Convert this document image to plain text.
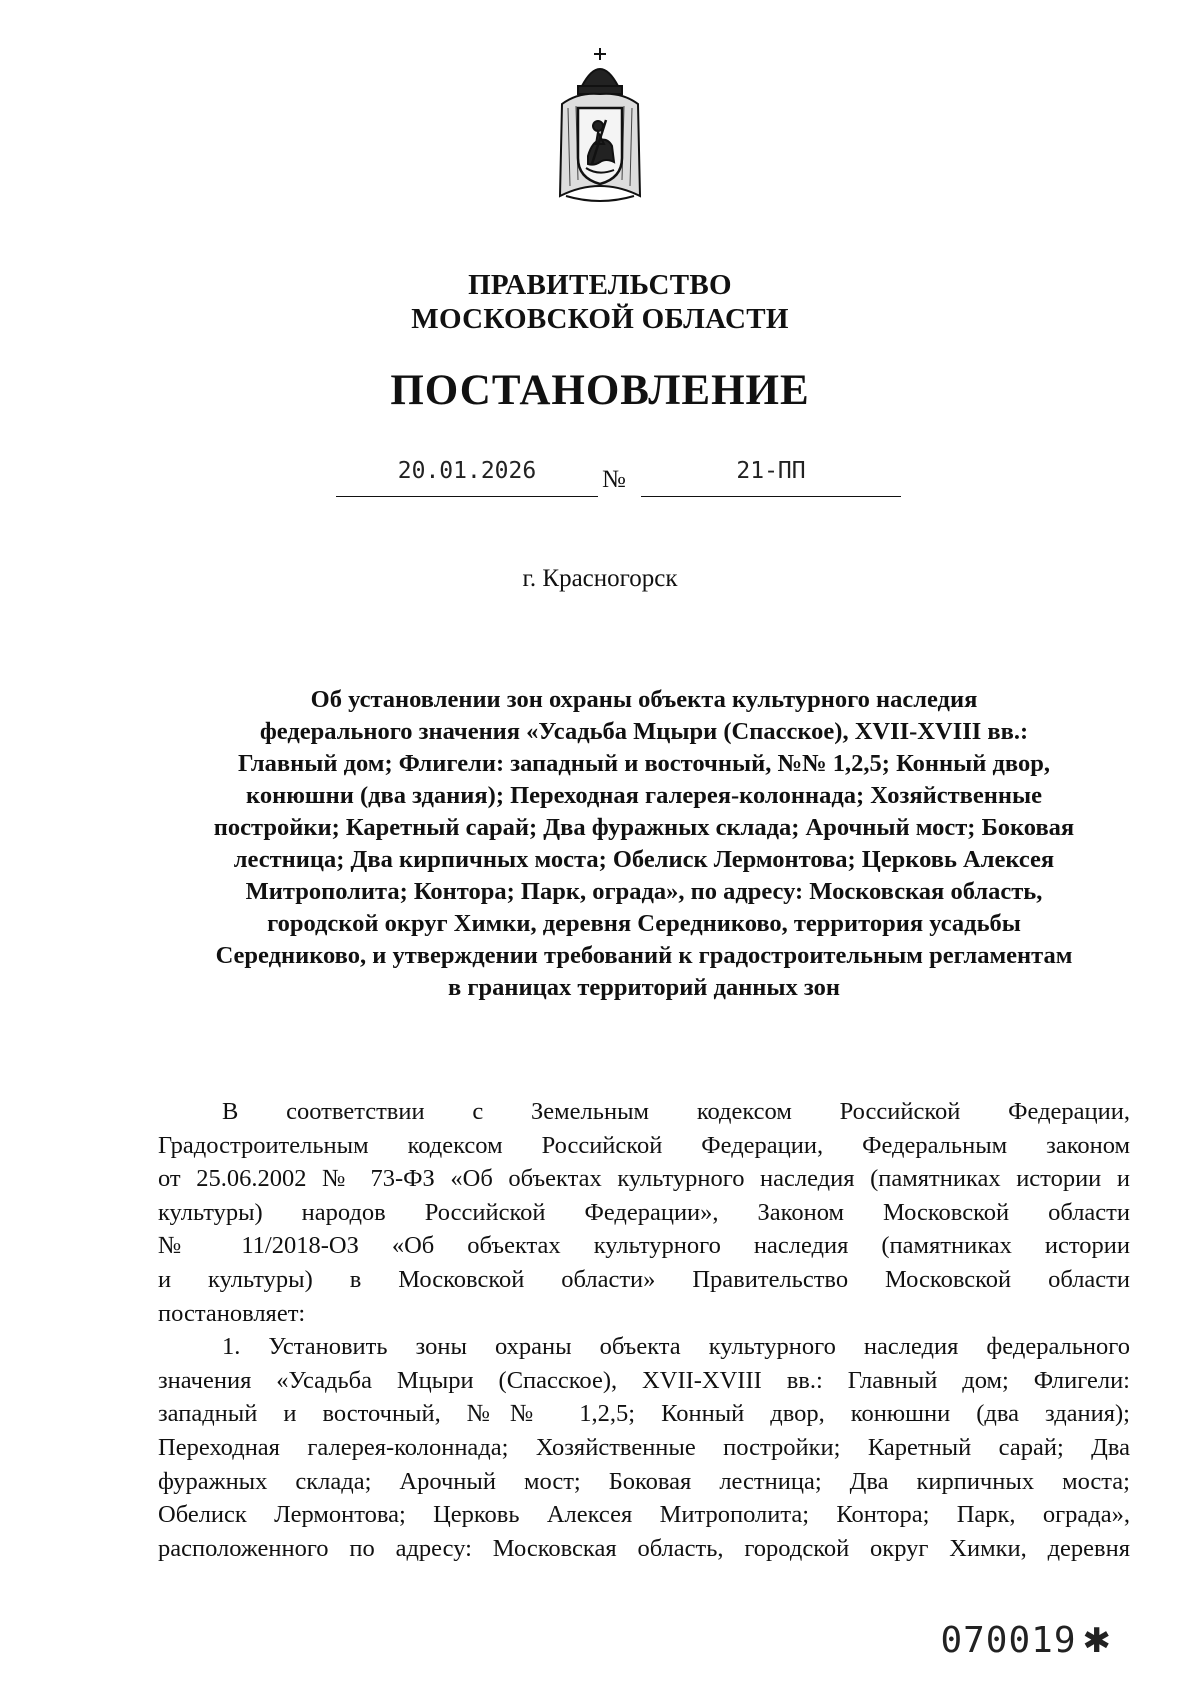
ПРАВИТЕЛЬСТВО
МОСКОВСКОЙ ОБЛАСТИ
ПОСТАНОВЛЕНИЕ
20.01.2026	№	21-ПП
г. Красногорск
Об установлении зон охраны объекта культурного наследия
федерального значения «Усадьба Мцыри (Спасское), XVII-XVIII вв.:
Главный дом; Флигели: западный и восточный, №№ 1,2,5; Конный двор,
конюшни (два здания); Переходная галерея-колоннада; Хозяйственные
постройки; Каретный сарай; Два фуражных склада; Арочный мост; Боковая
лестница; Два кирпичных моста; Обелиск Лермонтова; Церковь Алексея
Митрополита; Контора; Парк, ограда», по адресу: Московская область,
городской округ Химки, деревня Середниково, территория усадьбы
Середниково, и утверждении требований к градостроительным регламентам
в границах территорий данных зон
В соответствии с Земельным кодексом Российской Федерации,
Градостроительным кодексом Российской Федерации, Федеральным законом
от 25.06.2002 № 73-ФЗ «Об объектах культурного наследия (памятниках истории и
культуры) народов Российской Федерации», Законом Московской области
№ 11/2018-ОЗ «Об объектах культурного наследия (памятниках истории
и культуры) в Московской области» Правительство Московской области
постановляет:
1. Установить зоны охраны объекта культурного наследия федерального
значения «Усадьба Мцыри (Спасское), XVII-XVIII вв.: Главный дом; Флигели:
западный и восточный, №№ 1,2,5; Конный двор, конюшни (два здания);
Переходная галерея-колоннада; Хозяйственные постройки; Каретный сарай; Два
фуражных склада; Арочный мост; Боковая лестница; Два кирпичных моста;
Обелиск Лермонтова; Церковь Алексея Митрополита; Контора; Парк, ограда»,
расположенного по адресу: Московская область, городской округ Химки, деревня
070019 ✱
